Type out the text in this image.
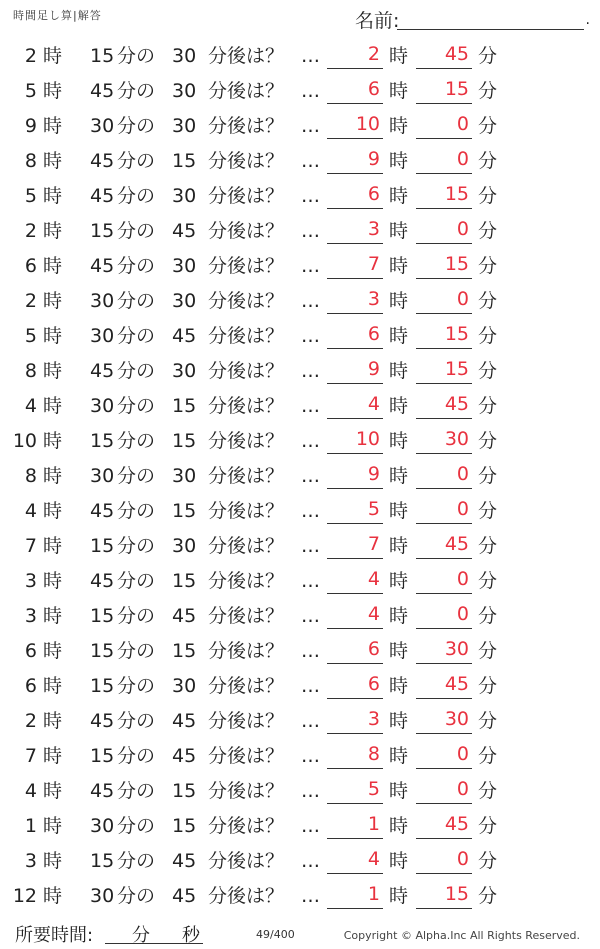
時間足し算|解答	名前:	.
2 時 15 分の 30 分後は？ …	2 時	45 分
5 時 45 分の 30 分後は？ …	6 時	15 分
9 時 30 分の 30 分後は？ …	10 時	0 分
8 時 45 分の 15 分後は？ …	9 時	0 分
5 時 45 分の 30 分後は？ …	6 時	15 分
2 時 15 分の 45 分後は？ …	3 時	0 分
6 時 45 分の 30 分後は？ …	7 時	15 分
2 時 30 分の 30 分後は？ …	3 時	0 分
5 時 30 分の 45 分後は？ …	6 時	15 分
8 時 45 分の 30 分後は？ …	9 時	15 分
4 時 30 分の 15 分後は？ …	4 時	45 分
10 時 15 分の 15 分後は？ …	10 時	30 分
8 時 30 分の 30 分後は？ …	9 時	0 分
4 時 45 分の 15 分後は？ …	5 時	0 分
7 時 15 分の 30 分後は？ …	7 時	45 分
3 時 45 分の 15 分後は？ …	4 時	0 分
3 時 15 分の 45 分後は？ …	4 時	0 分
6 時 15 分の 15 分後は？ …	6 時	30 分
6 時 15 分の 30 分後は？ …	6 時	45 分
2 時 45 分の 45 分後は？ …	3 時	30 分
7 時 15 分の 45 分後は？ …	8 時	0 分
4 時 45 分の 15 分後は？ …	5 時	0 分
1 時 30 分の 15 分後は？ …	1 時	45 分
3 時 15 分の 45 分後は？ …	4 時	0 分
12 時 30 分の 45 分後は？ …	1 時	15 分
所要時間: 分 秒	49/400	Copyright © Alpha.Inc All Rights Reserved.
